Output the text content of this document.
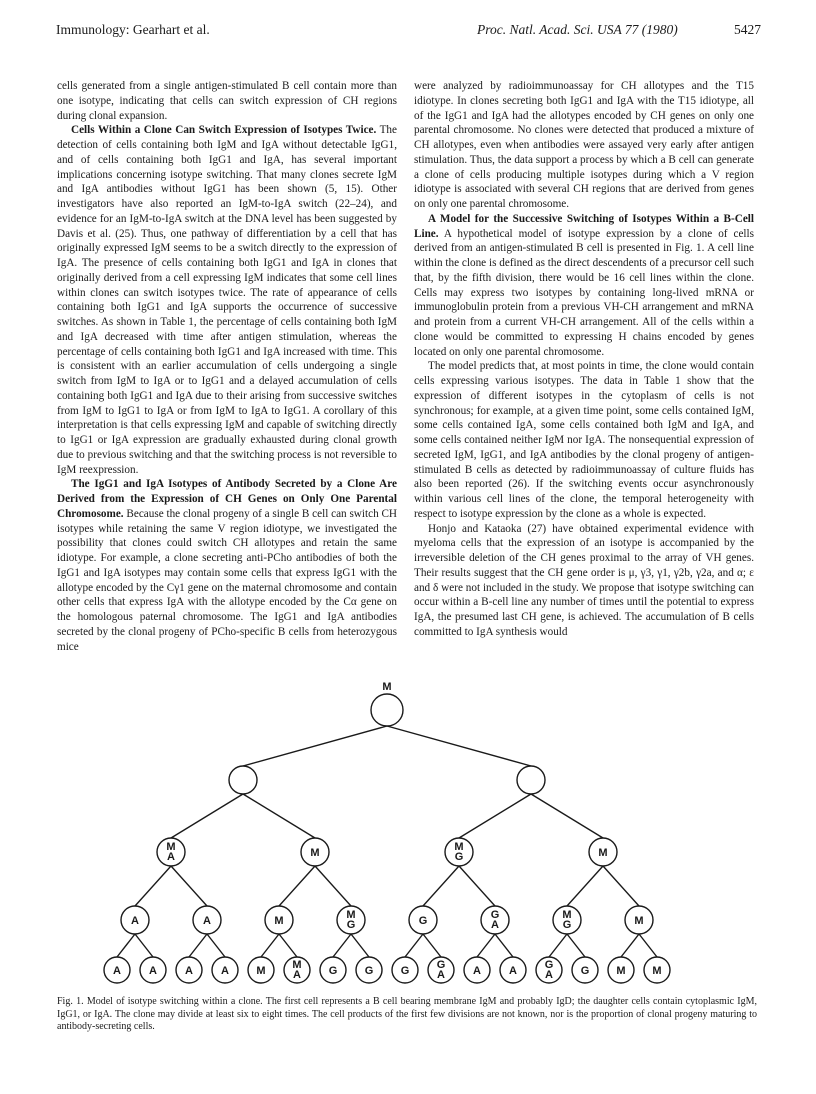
Immunology: Gearhart et al.	Proc. Natl. Acad. Sci. USA 77 (1980)	5427

cells generated from a single antigen-stimulated B cell contain more than one isotype, indicating that cells can switch expression of CH regions during clonal expansion.

Cells Within a Clone Can Switch Expression of Isotypes Twice. The detection of cells containing both IgM and IgA without detectable IgG1, and of cells containing both IgG1 and IgA, has several important implications concerning isotype switching. That many clones secrete IgM and IgA antibodies without IgG1 has been shown (5, 15). Other investigators have also reported an IgM-to-IgA switch (22–24), and evidence for an IgM-to-IgA switch at the DNA level has been suggested by Davis et al. (25). Thus, one pathway of differentiation by a cell that has originally expressed IgM seems to be a switch directly to the expression of IgA. The presence of cells containing both IgG1 and IgA in clones that originally derived from a cell expressing IgM indicates that some cell lines within clones can switch isotypes twice. The rate of appearance of cells containing both IgG1 and IgA supports the occurrence of successive switches. As shown in Table 1, the percentage of cells containing both IgM and IgA decreased with time after antigen stimulation, whereas the percentage of cells containing both IgG1 and IgA increased with time. This is consistent with an earlier accumulation of cells undergoing a single switch from IgM to IgA or to IgG1 and a delayed accumulation of cells containing both IgG1 and IgA due to their arising from successive switches from IgM to IgG1 to IgA or from IgM to IgA to IgG1. A corollary of this interpretation is that cells expressing IgM and capable of switching directly to IgG1 or IgA expression are gradually exhausted during clonal growth due to previous switching and that the switching process is not reversible to IgM reexpression.

The IgG1 and IgA Isotypes of Antibody Secreted by a Clone Are Derived from the Expression of CH Genes on Only One Parental Chromosome. Because the clonal progeny of a single B cell can switch CH isotypes while retaining the same V region idiotype, we investigated the possibility that clones could switch CH allotypes and retain the same idiotype. For example, a clone secreting anti-PCho antibodies of both the IgG1 and IgA isotypes may contain some cells that express IgG1 with the allotype encoded by the Cγ1 gene on the maternal chromosome and contain other cells that express IgA with the allotype encoded by the Cα gene on the homologous paternal chromosome. The IgG1 and IgA antibodies secreted by the clonal progeny of PCho-specific B cells from heterozygous mice

were analyzed by radioimmunoassay for CH allotypes and the T15 idiotype. In clones secreting both IgG1 and IgA with the T15 idiotype, all of the IgG1 and IgA had the allotypes encoded by CH genes on only one parental chromosome. No clones were detected that produced a mixture of CH allotypes, even when antibodies were assayed very early after antigen stimulation. Thus, the data support a process by which a B cell can generate a clone of cells producing multiple isotypes during which a V region idiotype is associated with several CH regions that are derived from genes on only one parental chromosome.

A Model for the Successive Switching of Isotypes Within a B-Cell Line. A hypothetical model of isotype expression by a clone of cells derived from an antigen-stimulated B cell is presented in Fig. 1. A cell line within the clone is defined as the direct descendents of a precursor cell such that, by the fifth division, there would be 16 cell lines within the clone. Cells may express two isotypes by containing long-lived mRNA or immunoglobulin protein from a previous VH-CH arrangement and mRNA and protein from a current VH-CH arrangement. All of the cells within a clone would be committed to expressing H chains encoded by genes located on only one parental chromosome.

The model predicts that, at most points in time, the clone would contain cells expressing various isotypes. The data in Table 1 show that the expression of different isotypes in the cytoplasm of cells is not synchronous; for example, at a given time point, some cells contained IgM, some cells contained IgA, some cells contained both IgM and IgA, and some cells contained neither IgM nor IgA. The nonsequential expression of secreted IgM, IgG1, and IgA antibodies by the clonal progeny of antigen-stimulated B cells as detected by radioimmunoassay of culture fluids has also been reported (26). If the switching events occur asynchronously within various cell lines of the clone, the temporal heterogeneity with respect to isotype expression by the clone as a whole is expected.

Honjo and Kataoka (27) have obtained experimental evidence with myeloma cells that the expression of an isotype is accompanied by the irreversible deletion of the CH genes proximal to the array of VH genes. Their results suggest that the CH gene order is μ, γ3, γ1, γ2b, γ2a, and α; ε and δ were not included in the study. We propose that isotype switching can occur within a B-cell line any number of times until the potential to express IgA, the presumed last CH gene, is achieved. The accumulation of B cells committed to IgA synthesis would

M
M
A	M	M
G	M
A	A	M	M
G	G	G
A
M
G	M
A	A	A	A M M
A	G G G G
A	A	A	G
A	G M M
Fig. 1. Model of isotype switching within a clone. The first cell represents a B cell bearing membrane IgM and probably IgD; the daughter cells contain cytoplasmic IgM, IgG1, or IgA. The clone may divide at least six to eight times. The cell products of the first few divisions are not known, nor is the proportion of clonal progeny maturing to antibody-secreting cells.
